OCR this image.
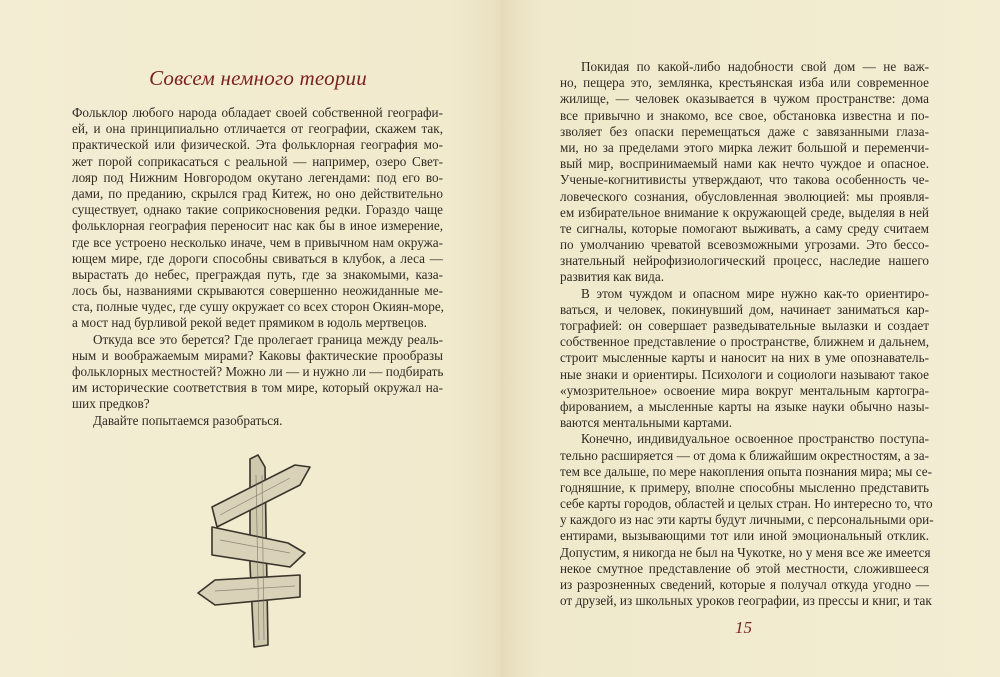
Совсем немного теории
Фольклор любого народа обладает своей собственной географи-
ей, и она принципиально отличается от географии, скажем так,
практической или физической. Эта фольклорная география мо-
жет порой соприкасаться с реальной — например, озеро Свет-
лояр под Нижним Новгородом окутано легендами: под его во-
дами, по преданию, скрылся град Китеж, но оно действительно
существует, однако такие соприкосновения редки. Гораздо чаще
фольклорная география переносит нас как бы в иное измерение,
где все устроено несколько иначе, чем в привычном нам окружа-
ющем мире, где дороги способны свиваться в клубок, а леса —
вырастать до небес, преграждая путь, где за знакомыми, каза-
лось бы, названиями скрываются совершенно неожиданные ме-
ста, полные чудес, где сушу окружает со всех сторон Окиян-море,
а мост над бурливой рекой ведет прямиком в юдоль мертвецов.
Откуда все это берется? Где пролегает граница между реаль-
ным и воображаемым мирами? Каковы фактические прообразы
фольклорных местностей? Можно ли — и нужно ли — подбирать
им исторические соответствия в том мире, который окружал на-
ших предков?
Давайте попытаемся разобраться.
Покидая по какой-либо надобности свой дом — не важ-
но, пещера это, землянка, крестьянская изба или современное
жилище, — человек оказывается в чужом пространстве: дома
все привычно и знакомо, все свое, обстановка известна и по-
зволяет без опаски перемещаться даже с завязанными глаза-
ми, но за пределами этого мирка лежит большой и переменчи-
вый мир, воспринимаемый нами как нечто чуждое и опасное.
Ученые-когнитивисты утверждают, что такова особенность че-
ловеческого сознания, обусловленная эволюцией: мы проявля-
ем избирательное внимание к окружающей среде, выделяя в ней
те сигналы, которые помогают выживать, а саму среду считаем
по умолчанию чреватой всевозможными угрозами. Это бессо-
знательный нейрофизиологический процесс, наследие нашего
развития как вида.
В этом чуждом и опасном мире нужно как-то ориентиро-
ваться, и человек, покинувший дом, начинает заниматься кар-
тографией: он совершает разведывательные вылазки и создает
собственное представление о пространстве, ближнем и дальнем,
строит мысленные карты и наносит на них в уме опознаватель-
ные знаки и ориентиры. Психологи и социологи называют такое
«умозрительное» освоение мира вокруг ментальным картогра-
фированием, а мысленные карты на языке науки обычно назы-
ваются ментальными картами.
Конечно, индивидуальное освоенное пространство поступа-
тельно расширяется — от дома к ближайшим окрестностям, а за-
тем все дальше, по мере накопления опыта познания мира; мы се-
годняшние, к примеру, вполне способны мысленно представить
себе карты городов, областей и целых стран. Но интересно то, что
у каждого из нас эти карты будут личными, с персональными ори-
ентирами, вызывающими тот или иной эмоциональный отклик.
Допустим, я никогда не был на Чукотке, но у меня все же имеется
некое смутное представление об этой местности, сложившееся
из разрозненных сведений, которые я получал откуда угодно —
от друзей, из школьных уроков географии, из прессы и книг, и так
15
